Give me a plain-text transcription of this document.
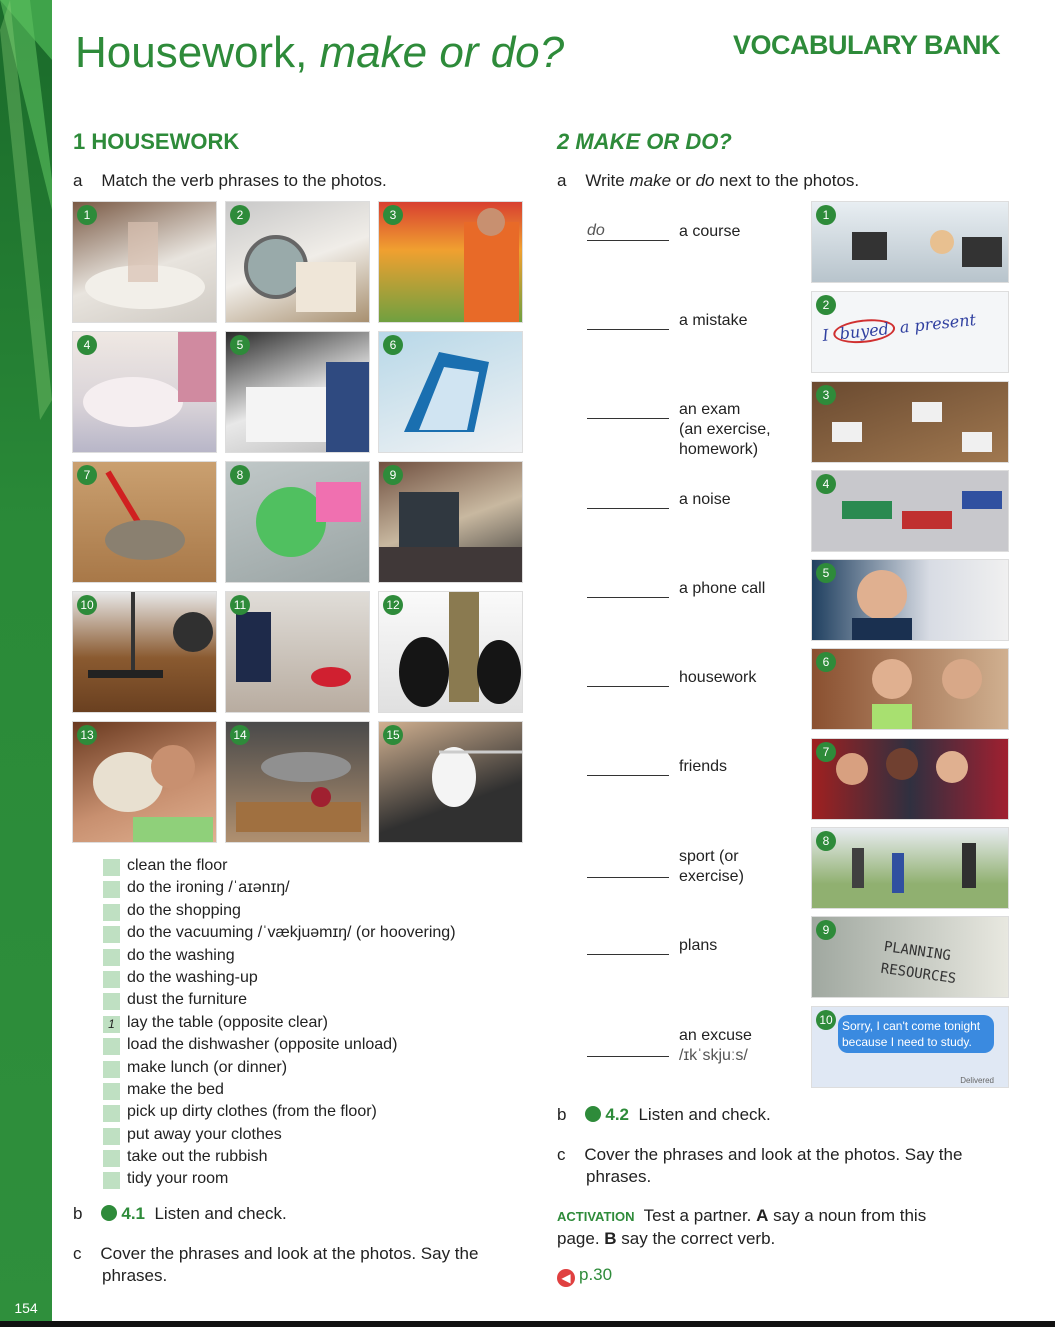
154
Housework, make or do?	VOCABULARY BANK
1 HOUSEWORK
a Match the verb phrases to the photos.
1	2	3
4	5	6
7	8	9
10	11	12
13	14	15
clean the floor
do the ironing /ˈaɪənɪŋ/
do the shopping
do the vacuuming /ˈvækjuəmɪŋ/ (or hoovering)
do the washing
do the washing-up
dust the furniture
1 lay the table (opposite clear)
load the dishwasher (opposite unload)
make lunch (or dinner)
make the bed
pick up dirty clothes (from the floor)
put away your clothes
take out the rubbish
tidy your room
b 4.1 Listen and check.
c Cover the phrases and look at the photos. Say the
phrases.
2 MAKE OR DO?
a Write make or do next to the photos.
do	a course
a mistake
an exam
(an exercise,
homework)
a noise
a phone call
housework
friends
sport (or
exercise)
plans
an excuse
/ɪkˈskjuːs/
1
2
I buyed a present
3
4
5
6
7
8
9
PLANNING
RESOURCES
10 Sorry, I can't come tonight because I need to study.
Delivered
b 4.2 Listen and check.
c Cover the phrases and look at the photos. Say the
phrases.
ACTIVATION Test a partner. A say a noun from this
page. B say the correct verb.
◀ p.30
